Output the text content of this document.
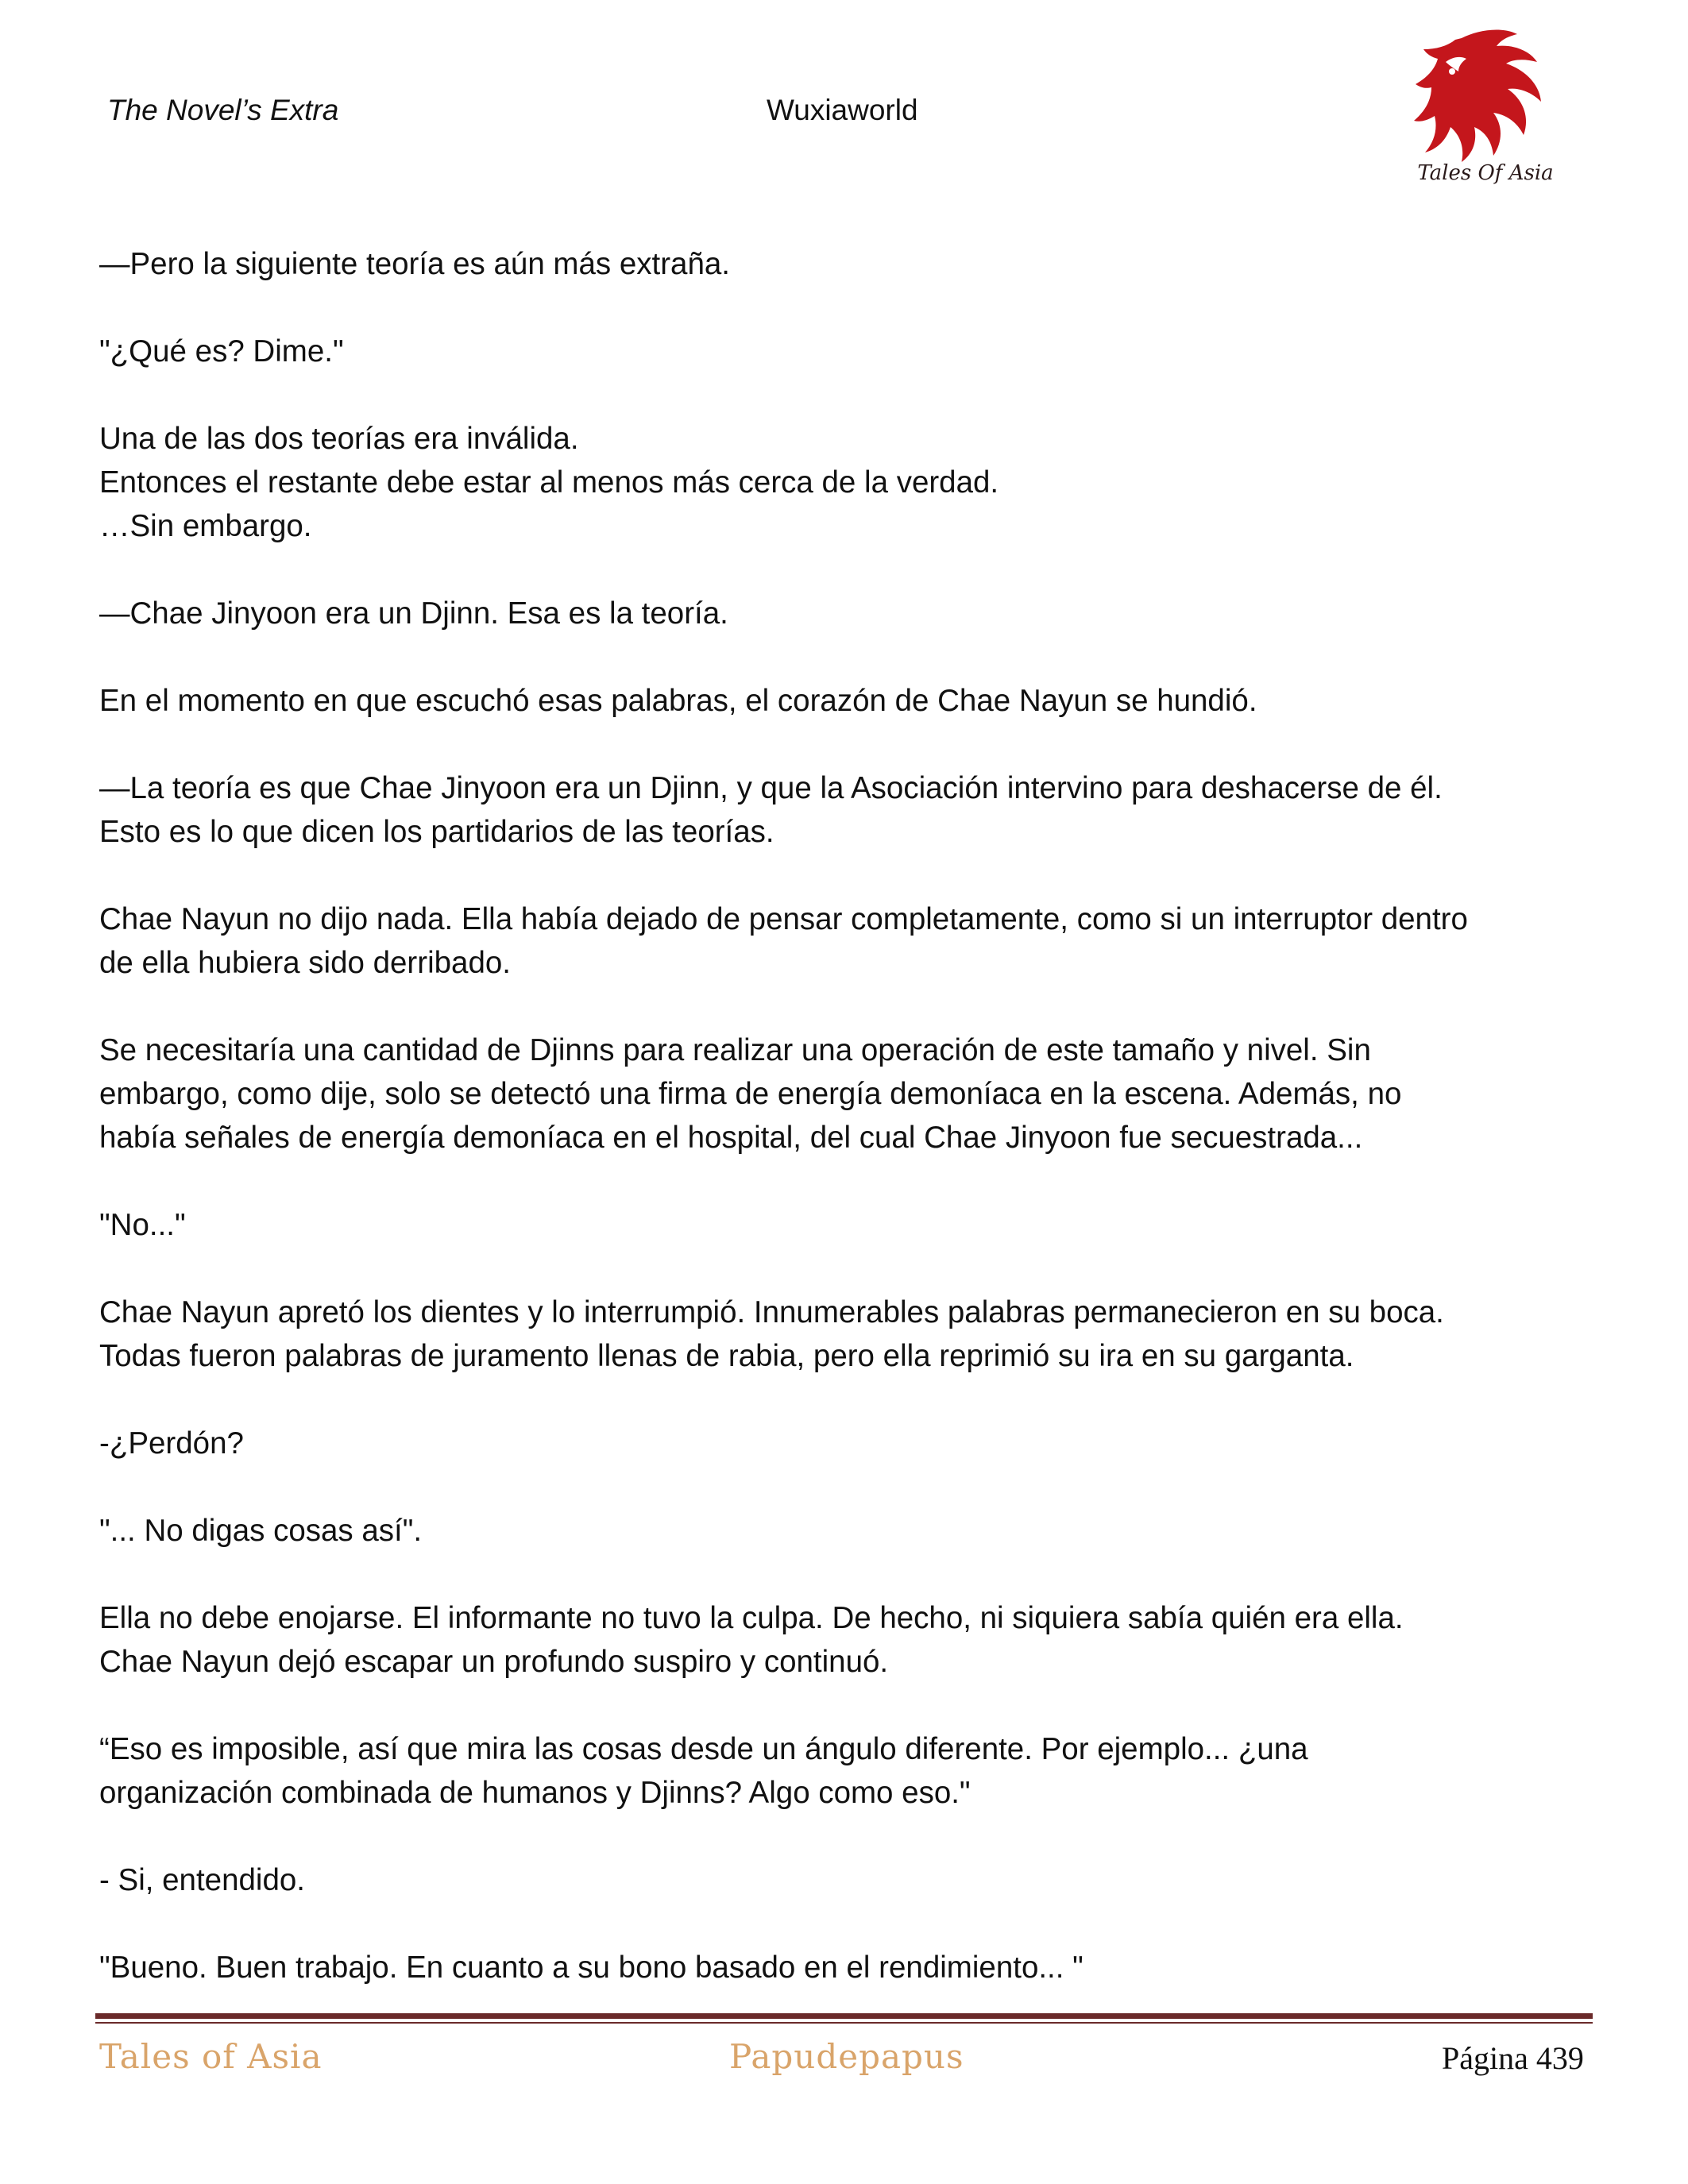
The Novel’s Extra	Wuxiaworld
Tales Of Asia

—Pero la siguiente teoría es aún más extraña.

"¿Qué es? Dime."

Una de las dos teorías era inválida.
Entonces el restante debe estar al menos más cerca de la verdad.
…Sin embargo.

—Chae Jinyoon era un Djinn. Esa es la teoría.

En el momento en que escuchó esas palabras, el corazón de Chae Nayun se hundió.

—La teoría es que Chae Jinyoon era un Djinn, y que la Asociación intervino para deshacerse de él.
Esto es lo que dicen los partidarios de las teorías.

Chae Nayun no dijo nada. Ella había dejado de pensar completamente, como si un interruptor dentro
de ella hubiera sido derribado.

Se necesitaría una cantidad de Djinns para realizar una operación de este tamaño y nivel. Sin
embargo, como dije, solo se detectó una firma de energía demoníaca en la escena. Además, no
había señales de energía demoníaca en el hospital, del cual Chae Jinyoon fue secuestrada...

"No..."

Chae Nayun apretó los dientes y lo interrumpió. Innumerables palabras permanecieron en su boca.
Todas fueron palabras de juramento llenas de rabia, pero ella reprimió su ira en su garganta.

-¿Perdón?

"... No digas cosas así".

Ella no debe enojarse. El informante no tuvo la culpa. De hecho, ni siquiera sabía quién era ella.
Chae Nayun dejó escapar un profundo suspiro y continuó.

“Eso es imposible, así que mira las cosas desde un ángulo diferente. Por ejemplo... ¿una
organización combinada de humanos y Djinns? Algo como eso."

- Si, entendido.

"Bueno. Buen trabajo. En cuanto a su bono basado en el rendimiento... "

Tales of Asia	Papudepapus	Página 439
